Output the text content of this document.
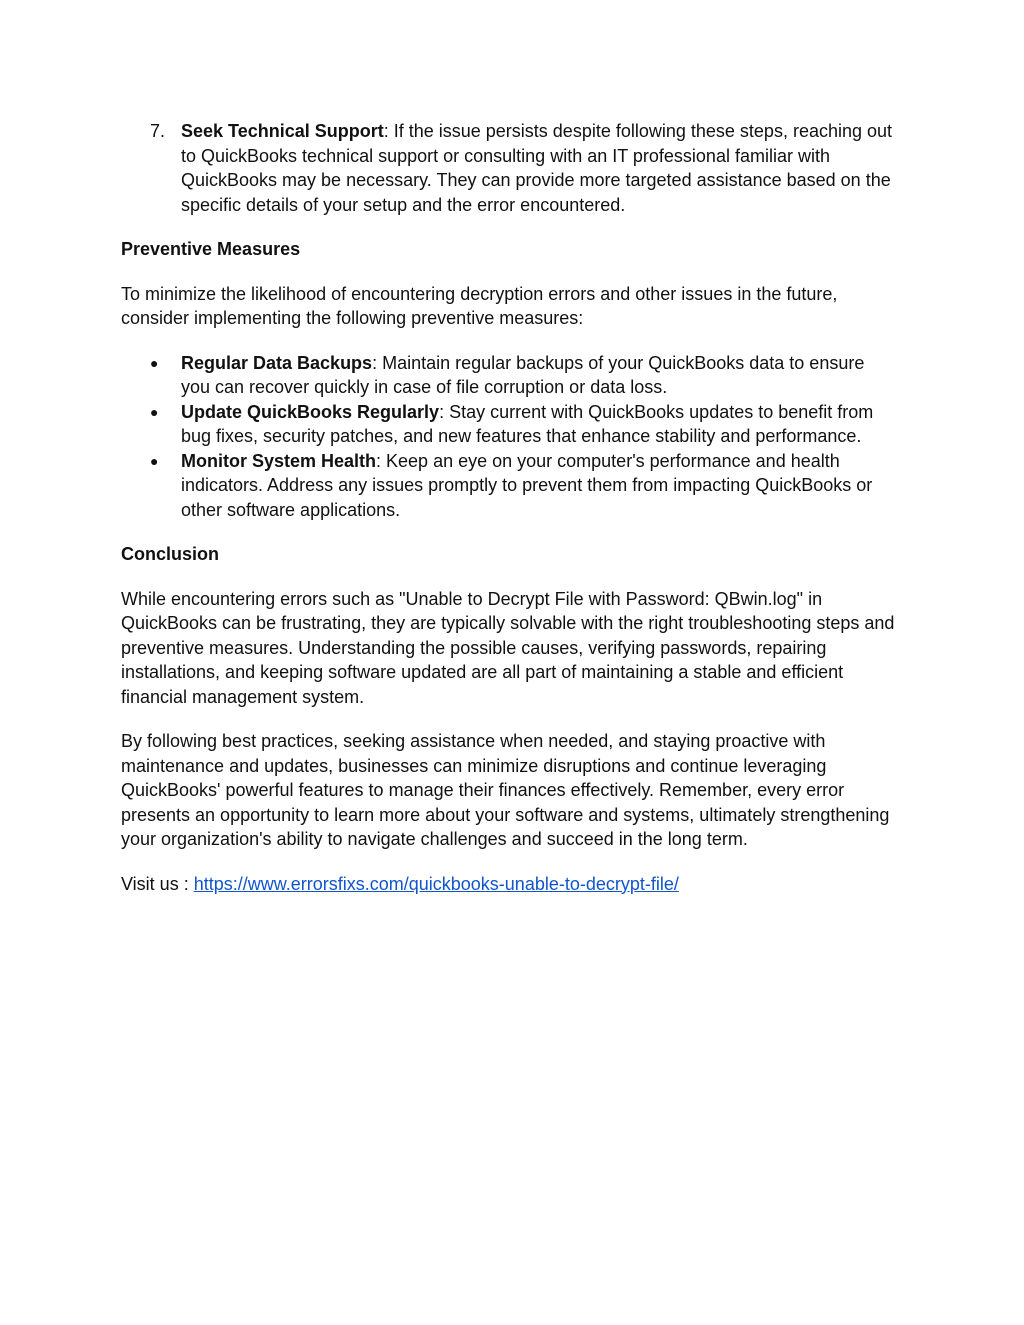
7. Seek Technical Support: If the issue persists despite following these steps, reaching out to QuickBooks technical support or consulting with an IT professional familiar with QuickBooks may be necessary. They can provide more targeted assistance based on the specific details of your setup and the error encountered.

Preventive Measures

To minimize the likelihood of encountering decryption errors and other issues in the future, consider implementing the following preventive measures:

● Regular Data Backups: Maintain regular backups of your QuickBooks data to ensure you can recover quickly in case of file corruption or data loss.
● Update QuickBooks Regularly: Stay current with QuickBooks updates to benefit from bug fixes, security patches, and new features that enhance stability and performance.
● Monitor System Health: Keep an eye on your computer's performance and health indicators. Address any issues promptly to prevent them from impacting QuickBooks or other software applications.

Conclusion

While encountering errors such as "Unable to Decrypt File with Password: QBwin.log" in QuickBooks can be frustrating, they are typically solvable with the right troubleshooting steps and preventive measures. Understanding the possible causes, verifying passwords, repairing installations, and keeping software updated are all part of maintaining a stable and efficient financial management system.

By following best practices, seeking assistance when needed, and staying proactive with maintenance and updates, businesses can minimize disruptions and continue leveraging QuickBooks' powerful features to manage their finances effectively. Remember, every error presents an opportunity to learn more about your software and systems, ultimately strengthening your organization's ability to navigate challenges and succeed in the long term.

Visit us : https://www.errorsfixs.com/quickbooks-unable-to-decrypt-file/
